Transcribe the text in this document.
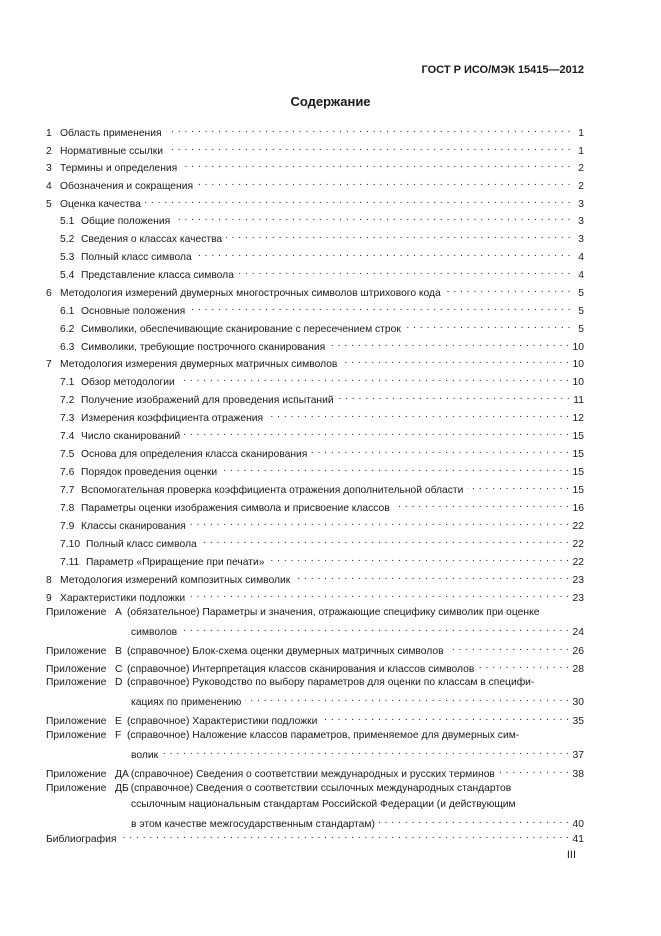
ГОСТ Р ИСО/МЭК 15415—2012
Содержание
1 Область применения . . .	1
2 Нормативные ссылки . . .	1
3 Термины и определения . . .	2
4 Обозначения и сокращения . . .	2
5 Оценка качества . . .	3
5.1 Общие положения . . .	3
5.2 Сведения о классах качества . . .	3
5.3 Полный класс символа . . .	4
5.4 Представление класса символа . . .	4
6 Методология измерений двумерных многострочных символов штрихового кода . . .	5
6.1 Основные положения . . .	5
6.2 Символики, обеспечивающие сканирование с пересечением строк . . .	5
6.3 Символики, требующие построчного сканирования . . .	10
7 Методология измерения двумерных матричных символов . . .	10
7.1 Обзор методологии . . .	10
7.2 Получение изображений для проведения испытаний . . .	11
7.3 Измерения коэффициента отражения . . .	12
7.4 Число сканирований . . .	15
7.5 Основа для определения класса сканирования . . .	15
7.6 Порядок проведения оценки . . .	15
7.7 Вспомогательная проверка коэффициента отражения дополнительной области . . .	15
7.8 Параметры оценки изображения символа и присвоение классов . . .	16
7.9 Классы сканирования . . .	22
7.10 Полный класс символа . . .	22
7.11 Параметр «Приращение при печати» . . .	22
8 Методология измерений композитных символик . . .	23
9 Характеристики подложки . . .	23
Приложение А (обязательное) Параметры и значения, отражающие специфику символик при оценке
символов . . .	24
Приложение В (справочное) Блок-схема оценки двумерных матричных символов . . .	26
Приложение С (справочное) Интерпретация классов сканирования и классов символов . . .	28
Приложение D (справочное) Руководство по выбору параметров для оценки по классам в специфи-
кациях по применению . . .	30
Приложение Е (справочное) Характеристики подложки . . .	35
Приложение F (справочное) Наложение классов параметров, применяемое для двумерных сим-
волик . . .	37
Приложение ДА (справочное) Сведения о соответствии международных и русских терминов . . .	38
Приложение ДБ (справочное) Сведения о соответствии ссылочных международных стандартов
ссылочным национальным стандартам Российской Федерации (и действующим
в этом качестве межгосударственным стандартам) . . .	40
Библиография . . .	41
III
